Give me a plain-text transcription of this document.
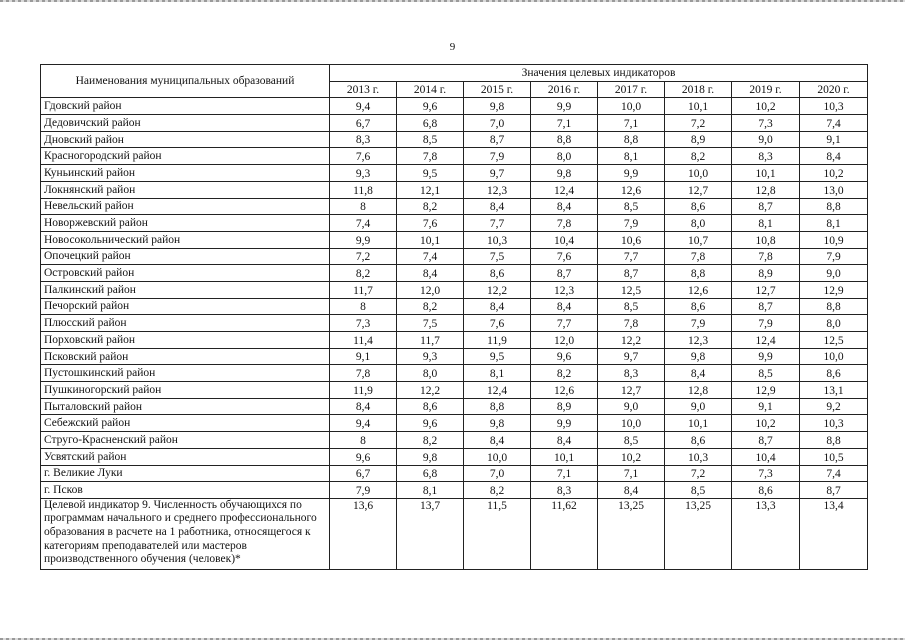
9
Наименования муниципальных образований	Значения целевых индикаторов							
	2013 г.	2014 г.	2015 г.	2016 г.	2017 г.	2018 г.	2019 г.	2020 г.
Гдовский район	9,4	9,6	9,8	9,9	10,0	10,1	10,2	10,3
Дедовичский район	6,7	6,8	7,0	7,1	7,1	7,2	7,3	7,4
Дновский район	8,3	8,5	8,7	8,8	8,8	8,9	9,0	9,1
Красногородский район	7,6	7,8	7,9	8,0	8,1	8,2	8,3	8,4
Куньинский район	9,3	9,5	9,7	9,8	9,9	10,0	10,1	10,2
Локнянский район	11,8	12,1	12,3	12,4	12,6	12,7	12,8	13,0
Невельский район	8	8,2	8,4	8,4	8,5	8,6	8,7	8,8
Новоржевский район	7,4	7,6	7,7	7,8	7,9	8,0	8,1	8,1
Новосокольнический район	9,9	10,1	10,3	10,4	10,6	10,7	10,8	10,9
Опочецкий район	7,2	7,4	7,5	7,6	7,7	7,8	7,8	7,9
Островский район	8,2	8,4	8,6	8,7	8,7	8,8	8,9	9,0
Палкинский район	11,7	12,0	12,2	12,3	12,5	12,6	12,7	12,9
Печорский район	8	8,2	8,4	8,4	8,5	8,6	8,7	8,8
Плюсский район	7,3	7,5	7,6	7,7	7,8	7,9	7,9	8,0
Порховский район	11,4	11,7	11,9	12,0	12,2	12,3	12,4	12,5
Псковский район	9,1	9,3	9,5	9,6	9,7	9,8	9,9	10,0
Пустошкинский район	7,8	8,0	8,1	8,2	8,3	8,4	8,5	8,6
Пушкиногорский район	11,9	12,2	12,4	12,6	12,7	12,8	12,9	13,1
Пыталовский район	8,4	8,6	8,8	8,9	9,0	9,0	9,1	9,2
Себежский район	9,4	9,6	9,8	9,9	10,0	10,1	10,2	10,3
Струго-Красненский район	8	8,2	8,4	8,4	8,5	8,6	8,7	8,8
Усвятский район	9,6	9,8	10,0	10,1	10,2	10,3	10,4	10,5
г. Великие Луки	6,7	6,8	7,0	7,1	7,1	7,2	7,3	7,4
г. Псков	7,9	8,1	8,2	8,3	8,4	8,5	8,6	8,7
Целевой индикатор 9. Численность обучающихся по программам начального и среднего профессионального образования в расчете на 1 работника, относящегося к категориям преподавателей или мастеров производственного обучения (человек)*	13,6	13,7	11,5	11,62	13,25	13,25	13,3	13,4
